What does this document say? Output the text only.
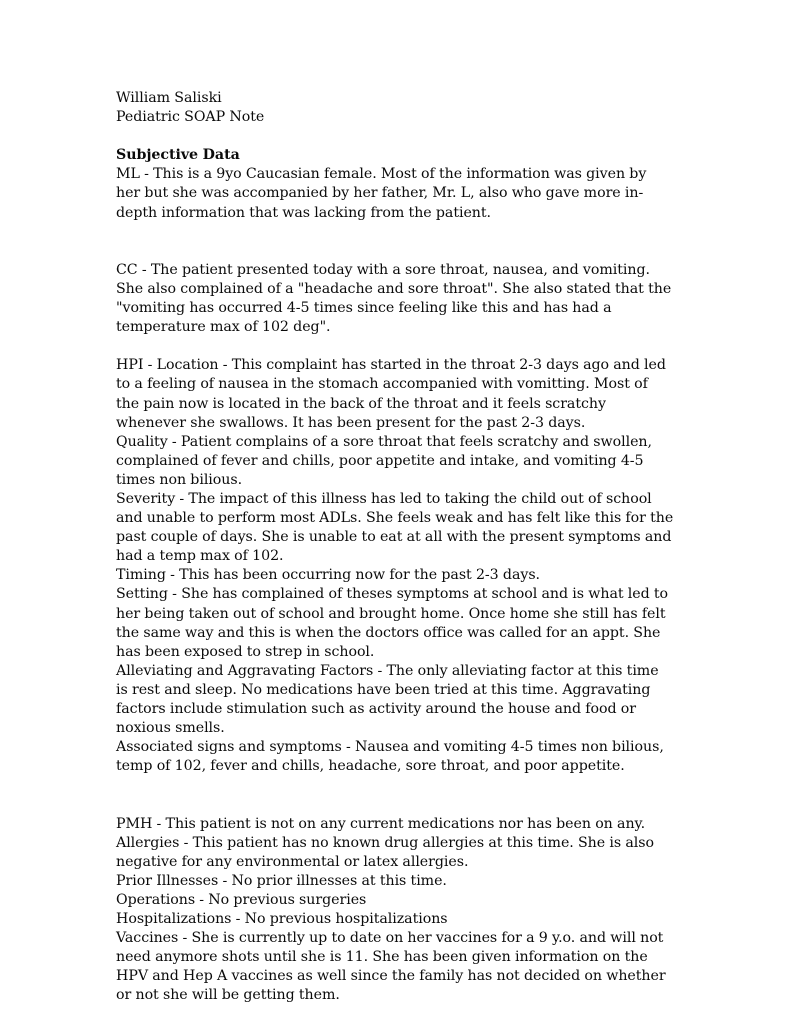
William Saliski
Pediatric SOAP Note
Subjective Data
ML - This is a 9yo Caucasian female. Most of the information was given by her but she was accompanied by her father, Mr. L, also who gave more in-depth information that was lacking from the patient.
CC - The patient presented today with a sore throat, nausea, and vomiting. She also complained of a "headache and sore throat". She also stated that the "vomiting has occurred 4-5 times since feeling like this and has had a temperature max of 102 deg".
HPI - Location - This complaint has started in the throat 2-3 days ago and led to a feeling of nausea in the stomach accompanied with vomitting. Most of the pain now is located in the back of the throat and it feels scratchy whenever she swallows. It has been present for the past 2-3 days.
Quality - Patient complains of a sore throat that feels scratchy and swollen, complained of fever and chills, poor appetite and intake, and vomiting 4-5 times non bilious.
Severity - The impact of this illness has led to taking the child out of school and unable to perform most ADLs. She feels weak and has felt like this for the past couple of days. She is unable to eat at all with the present symptoms and had a temp max of 102.
Timing - This has been occurring now for the past 2-3 days.
Setting - She has complained of theses symptoms at school and is what led to her being taken out of school and brought home. Once home she still has felt the same way and this is when the doctors office was called for an appt. She has been exposed to strep in school.
Alleviating and Aggravating Factors - The only alleviating factor at this time is rest and sleep. No medications have been tried at this time. Aggravating factors include stimulation such as activity around the house and food or noxious smells.
Associated signs and symptoms - Nausea and vomiting 4-5 times non bilious, temp of 102, fever and chills, headache, sore throat, and poor appetite.
PMH - This patient is not on any current medications nor has been on any.
Allergies - This patient has no known drug allergies at this time. She is also negative for any environmental or latex allergies.
Prior Illnesses - No prior illnesses at this time.
Operations - No previous surgeries
Hospitalizations - No previous hospitalizations
Vaccines - She is currently up to date on her vaccines for a 9 y.o. and will not need anymore shots until she is 11. She has been given information on the HPV and Hep A vaccines as well since the family has not decided on whether or not she will be getting them.
